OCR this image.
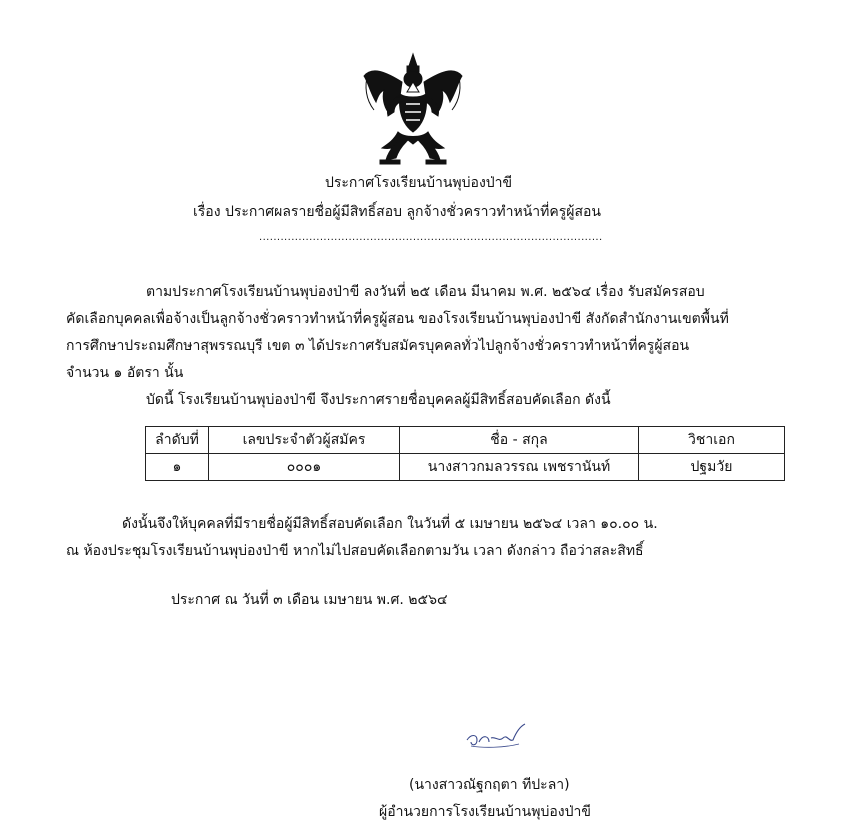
ประกาศโรงเรียนบ้านพุบ่องป่าขี
เรื่อง ประกาศผลรายชื่อผู้มีสิทธิ์สอบ ลูกจ้างชั่วคราวทำหน้าที่ครูผู้สอน
................................................................................................
ตามประกาศโรงเรียนบ้านพุบ่องป่าขี ลงวันที่ ๒๕ เดือน มีนาคม พ.ศ. ๒๕๖๔ เรื่อง รับสมัครสอบ
คัดเลือกบุคคลเพื่อจ้างเป็นลูกจ้างชั่วคราวทำหน้าที่ครูผู้สอน ของโรงเรียนบ้านพุบ่องป่าขี สังกัดสำนักงานเขตพื้นที่
การศึกษาประถมศึกษาสุพรรณบุรี เขต ๓ ได้ประกาศรับสมัครบุคคลทั่วไปลูกจ้างชั่วคราวทำหน้าที่ครูผู้สอน
จำนวน ๑ อัตรา นั้น
บัดนี้ โรงเรียนบ้านพุบ่องป่าขี จึงประกาศรายชื่อบุคคลผู้มีสิทธิ์สอบคัดเลือก ดังนี้
ลำดับที่	เลขประจำตัวผู้สมัคร	ชื่อ - สกุล	วิชาเอก
๑	๐๐๐๑	นางสาวกมลวรรณ เพชรานันท์	ปฐมวัย
ดังนั้นจึงให้บุคคลที่มีรายชื่อผู้มีสิทธิ์สอบคัดเลือก ในวันที่ ๕ เมษายน ๒๕๖๔ เวลา ๑๐.๐๐ น.
ณ ห้องประชุมโรงเรียนบ้านพุบ่องป่าขี หากไม่ไปสอบคัดเลือกตามวัน เวลา ดังกล่าว ถือว่าสละสิทธิ์
ประกาศ ณ วันที่ ๓ เดือน เมษายน พ.ศ. ๒๕๖๔
(นางสาวณัฐกฤตา ทีปะลา)
ผู้อำนวยการโรงเรียนบ้านพุบ่องป่าขี
